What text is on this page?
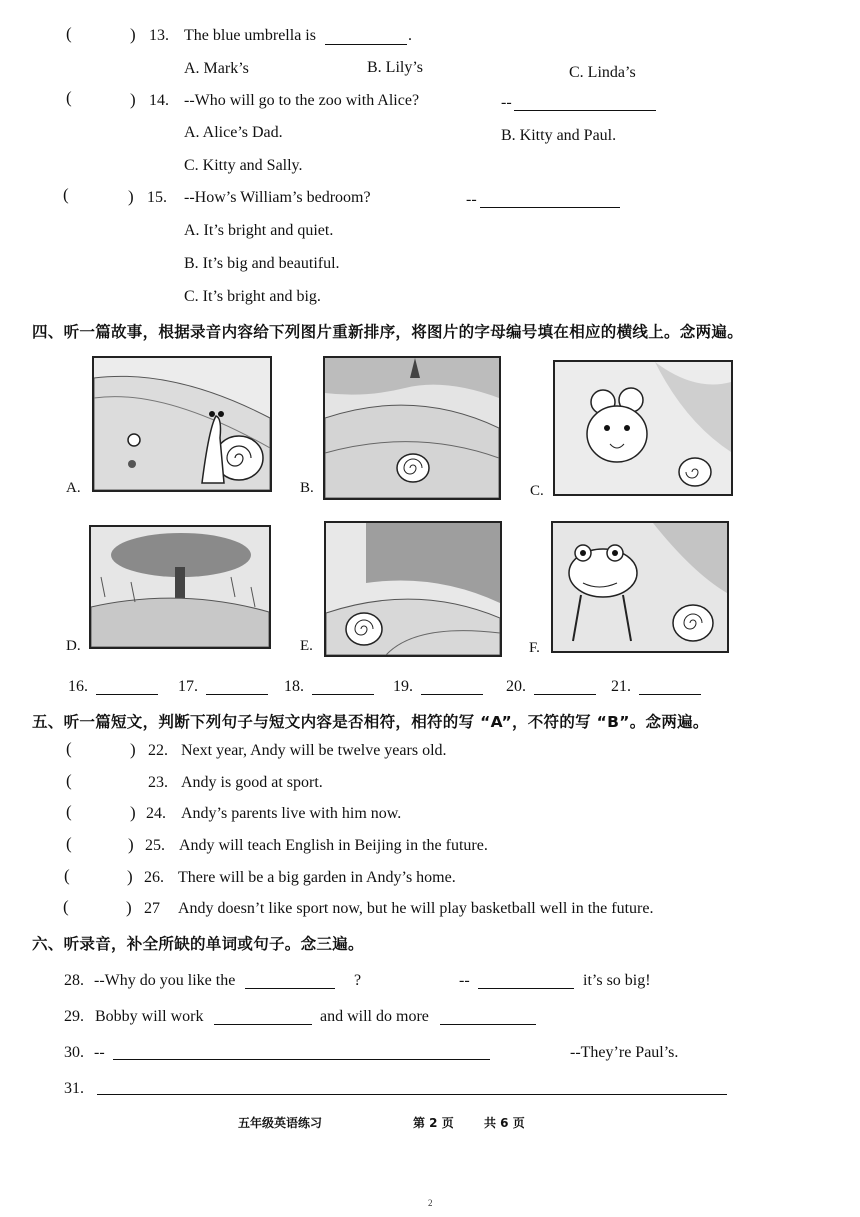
(	) 13. The blue umbrella is	.
A. Mark’s	B. Lily’s	C. Linda’s
(	) 14. --Who will go to the zoo with Alice?	--
A. Alice’s Dad.	B. Kitty and Paul.
C. Kitty and Sally.
(	) 15. --How’s William’s bedroom?	--
A. It’s bright and quiet.
B. It’s big and beautiful.
C. It’s bright and big.
四、听一篇故事，根据录音内容给下列图片重新排序，将图片的字母编号填在相应的横线上。念两遍。
A.	B.	C.
D.	E.	F.
16.	17.	18.	19.	20.	21.
五、听一篇短文，判断下列句子与短文内容是否相符，相符的写 “A”，不符的写 “B”。念两遍。
(	) 22. Next year, Andy will be twelve years old.
(	23. Andy is good at sport.
(	) 24. Andy’s parents live with him now.
(	) 25. Andy will teach English in Beijing in the future.
(	) 26. There will be a big garden in Andy’s home.
(	) 27 Andy doesn’t like sport now, but he will play basketball well in the future.
六、听录音，补全所缺的单词或句子。念三遍。
28. --Why do you like the	?	--	it’s so big!
29. Bobby will work	and will do more
30. --	--They’re Paul’s.
31.
五年级英语练习	第 2 页	共 6 页
2
